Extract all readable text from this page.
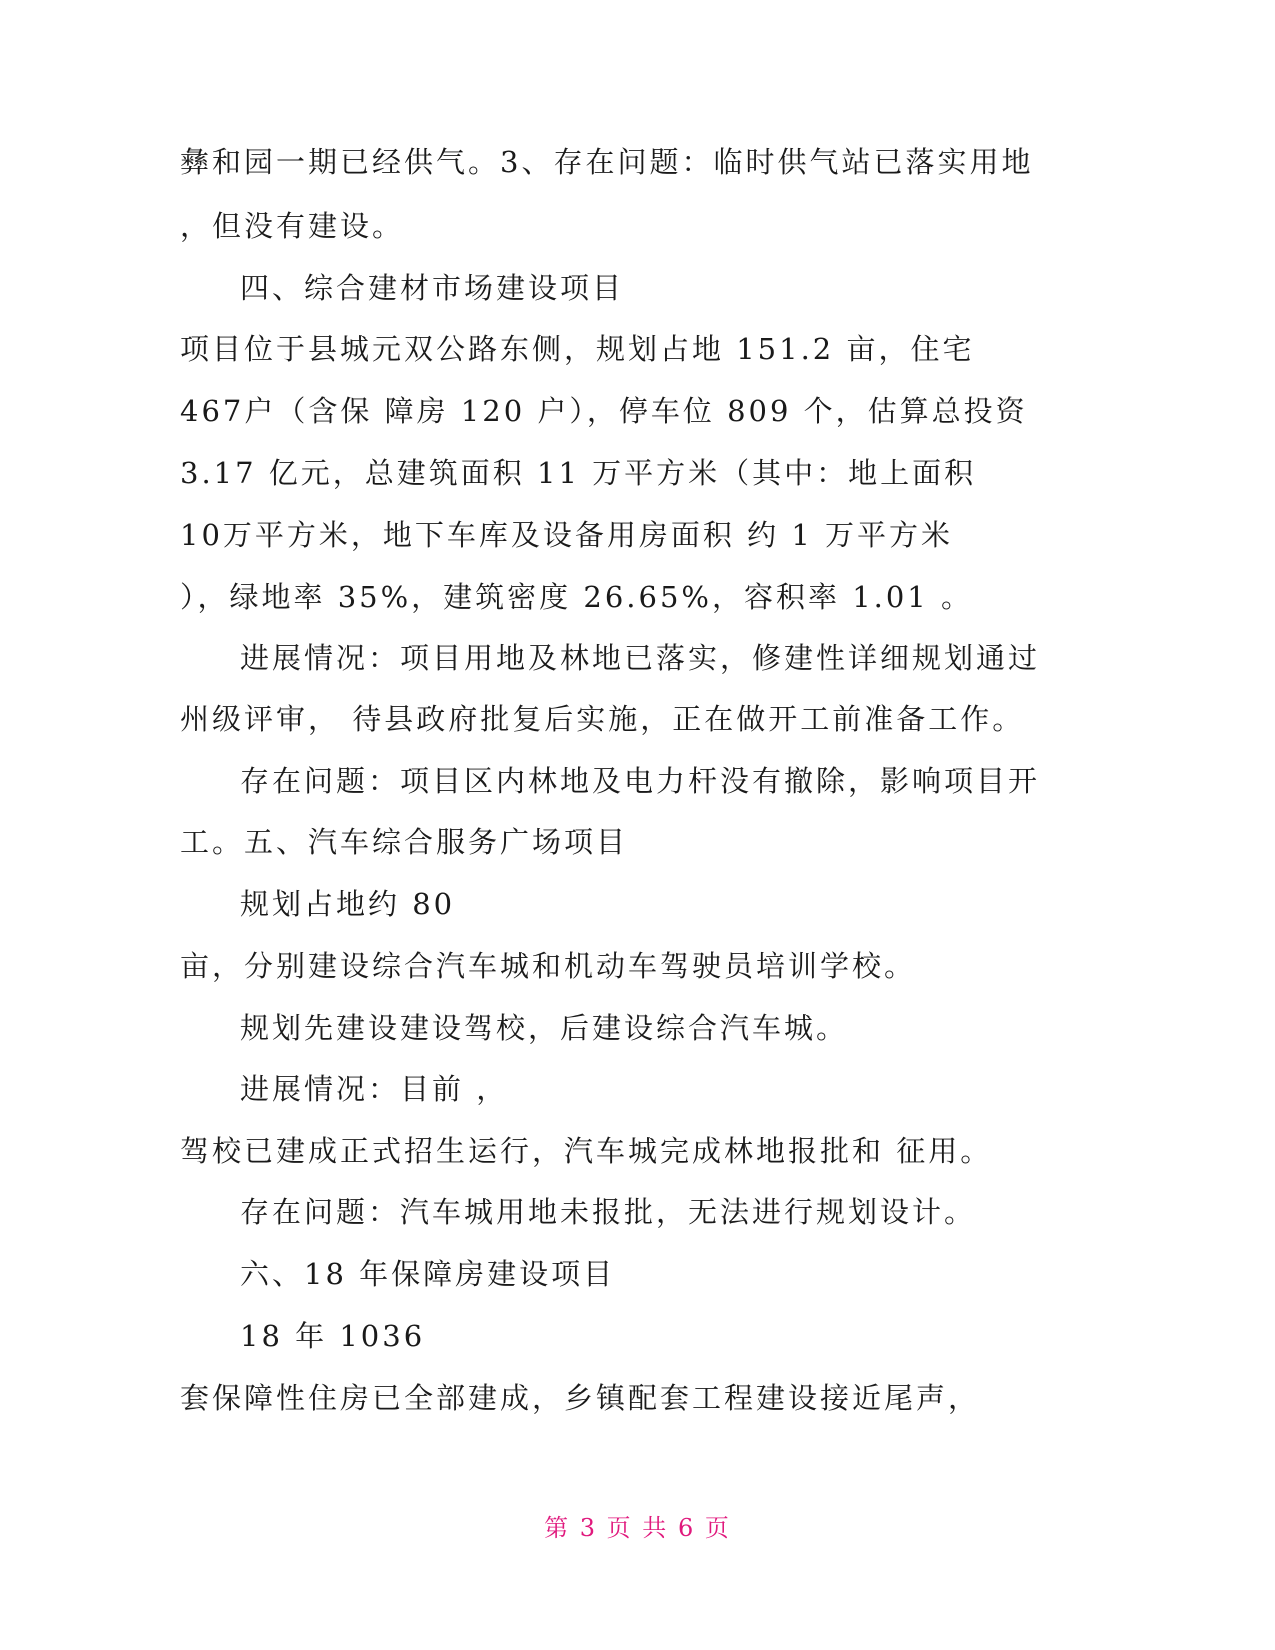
彝和园一期已经供气。3、存在问题：临时供气站已落实用地
，但没有建设。
四、综合建材市场建设项目
项目位于县城元双公路东侧，规划占地 151.2 亩，住宅
467户（含保 障房 120 户），停车位 809 个，估算总投资
3.17 亿元，总建筑面积 11 万平方米（其中：地上面积
10万平方米，地下车库及设备用房面积 约 1 万平方米
），绿地率 35%，建筑密度 26.65%，容积率 1.01 。
进展情况：项目用地及林地已落实，修建性详细规划通过
州级评审， 待县政府批复后实施，正在做开工前准备工作。
存在问题：项目区内林地及电力杆没有撤除，影响项目开
工。五、汽车综合服务广场项目
规划占地约 80
亩，分别建设综合汽车城和机动车驾驶员培训学校。
规划先建设建设驾校，后建设综合汽车城。
进展情况：目前 ，
驾校已建成正式招生运行，汽车城完成林地报批和 征用。
存在问题：汽车城用地未报批，无法进行规划设计。
六、18 年保障房建设项目
18 年 1036
套保障性住房已全部建成，乡镇配套工程建设接近尾声，
第 3 页 共 6 页
